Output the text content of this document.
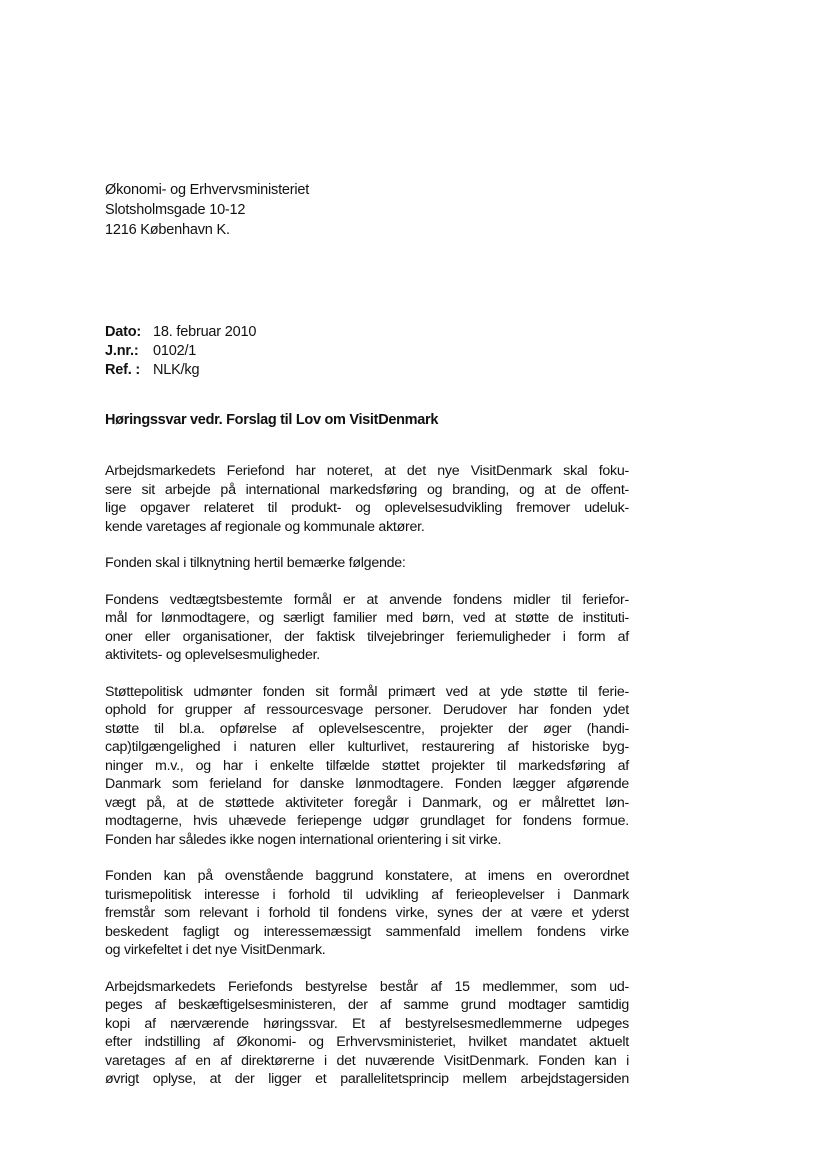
Økonomi- og Erhvervsministeriet
Slotsholmsgade 10-12
1216 København K.
Dato: 18. februar 2010
J.nr.:	0102/1
Ref. : NLK/kg
Høringssvar vedr. Forslag til Lov om VisitDenmark
Arbejdsmarkedets Feriefond har noteret, at det nye VisitDenmark skal foku-
sere sit arbejde på international markedsføring og branding, og at de offent-
lige opgaver relateret til produkt- og oplevelsesudvikling fremover udeluk-
kende varetages af regionale og kommunale aktører.
Fonden skal i tilknytning hertil bemærke følgende:
Fondens vedtægtsbestemte formål er at anvende fondens midler til feriefor-
mål for lønmodtagere, og særligt familier med børn, ved at støtte de instituti-
oner eller organisationer, der faktisk tilvejebringer feriemuligheder i form af
aktivitets- og oplevelsesmuligheder.
Støttepolitisk udmønter fonden sit formål primært ved at yde støtte til ferie-
ophold for grupper af ressourcesvage personer. Derudover har fonden ydet
støtte til bl.a. opførelse af oplevelsescentre, projekter der øger (handi-
cap)tilgængelighed i naturen eller kulturlivet, restaurering af historiske byg-
ninger m.v., og har i enkelte tilfælde støttet projekter til markedsføring af
Danmark som ferieland for danske lønmodtagere. Fonden lægger afgørende
vægt på, at de støttede aktiviteter foregår i Danmark, og er målrettet løn-
modtagerne, hvis uhævede feriepenge udgør grundlaget for fondens formue.
Fonden har således ikke nogen international orientering i sit virke.
Fonden kan på ovenstående baggrund konstatere, at imens en overordnet
turismepolitisk interesse i forhold til udvikling af ferieoplevelser i Danmark
fremstår som relevant i forhold til fondens virke, synes der at være et yderst
beskedent fagligt og interessemæssigt sammenfald imellem fondens virke
og virkefeltet i det nye VisitDenmark.
Arbejdsmarkedets Feriefonds bestyrelse består af 15 medlemmer, som ud-
peges af beskæftigelsesministeren, der af samme grund modtager samtidig
kopi af nærværende høringssvar. Et af bestyrelsesmedlemmerne udpeges
efter indstilling af Økonomi- og Erhvervsministeriet, hvilket mandatet aktuelt
varetages af en af direktørerne i det nuværende VisitDenmark. Fonden kan i
øvrigt oplyse, at der ligger et parallelitetsprincip mellem arbejdstagersiden
